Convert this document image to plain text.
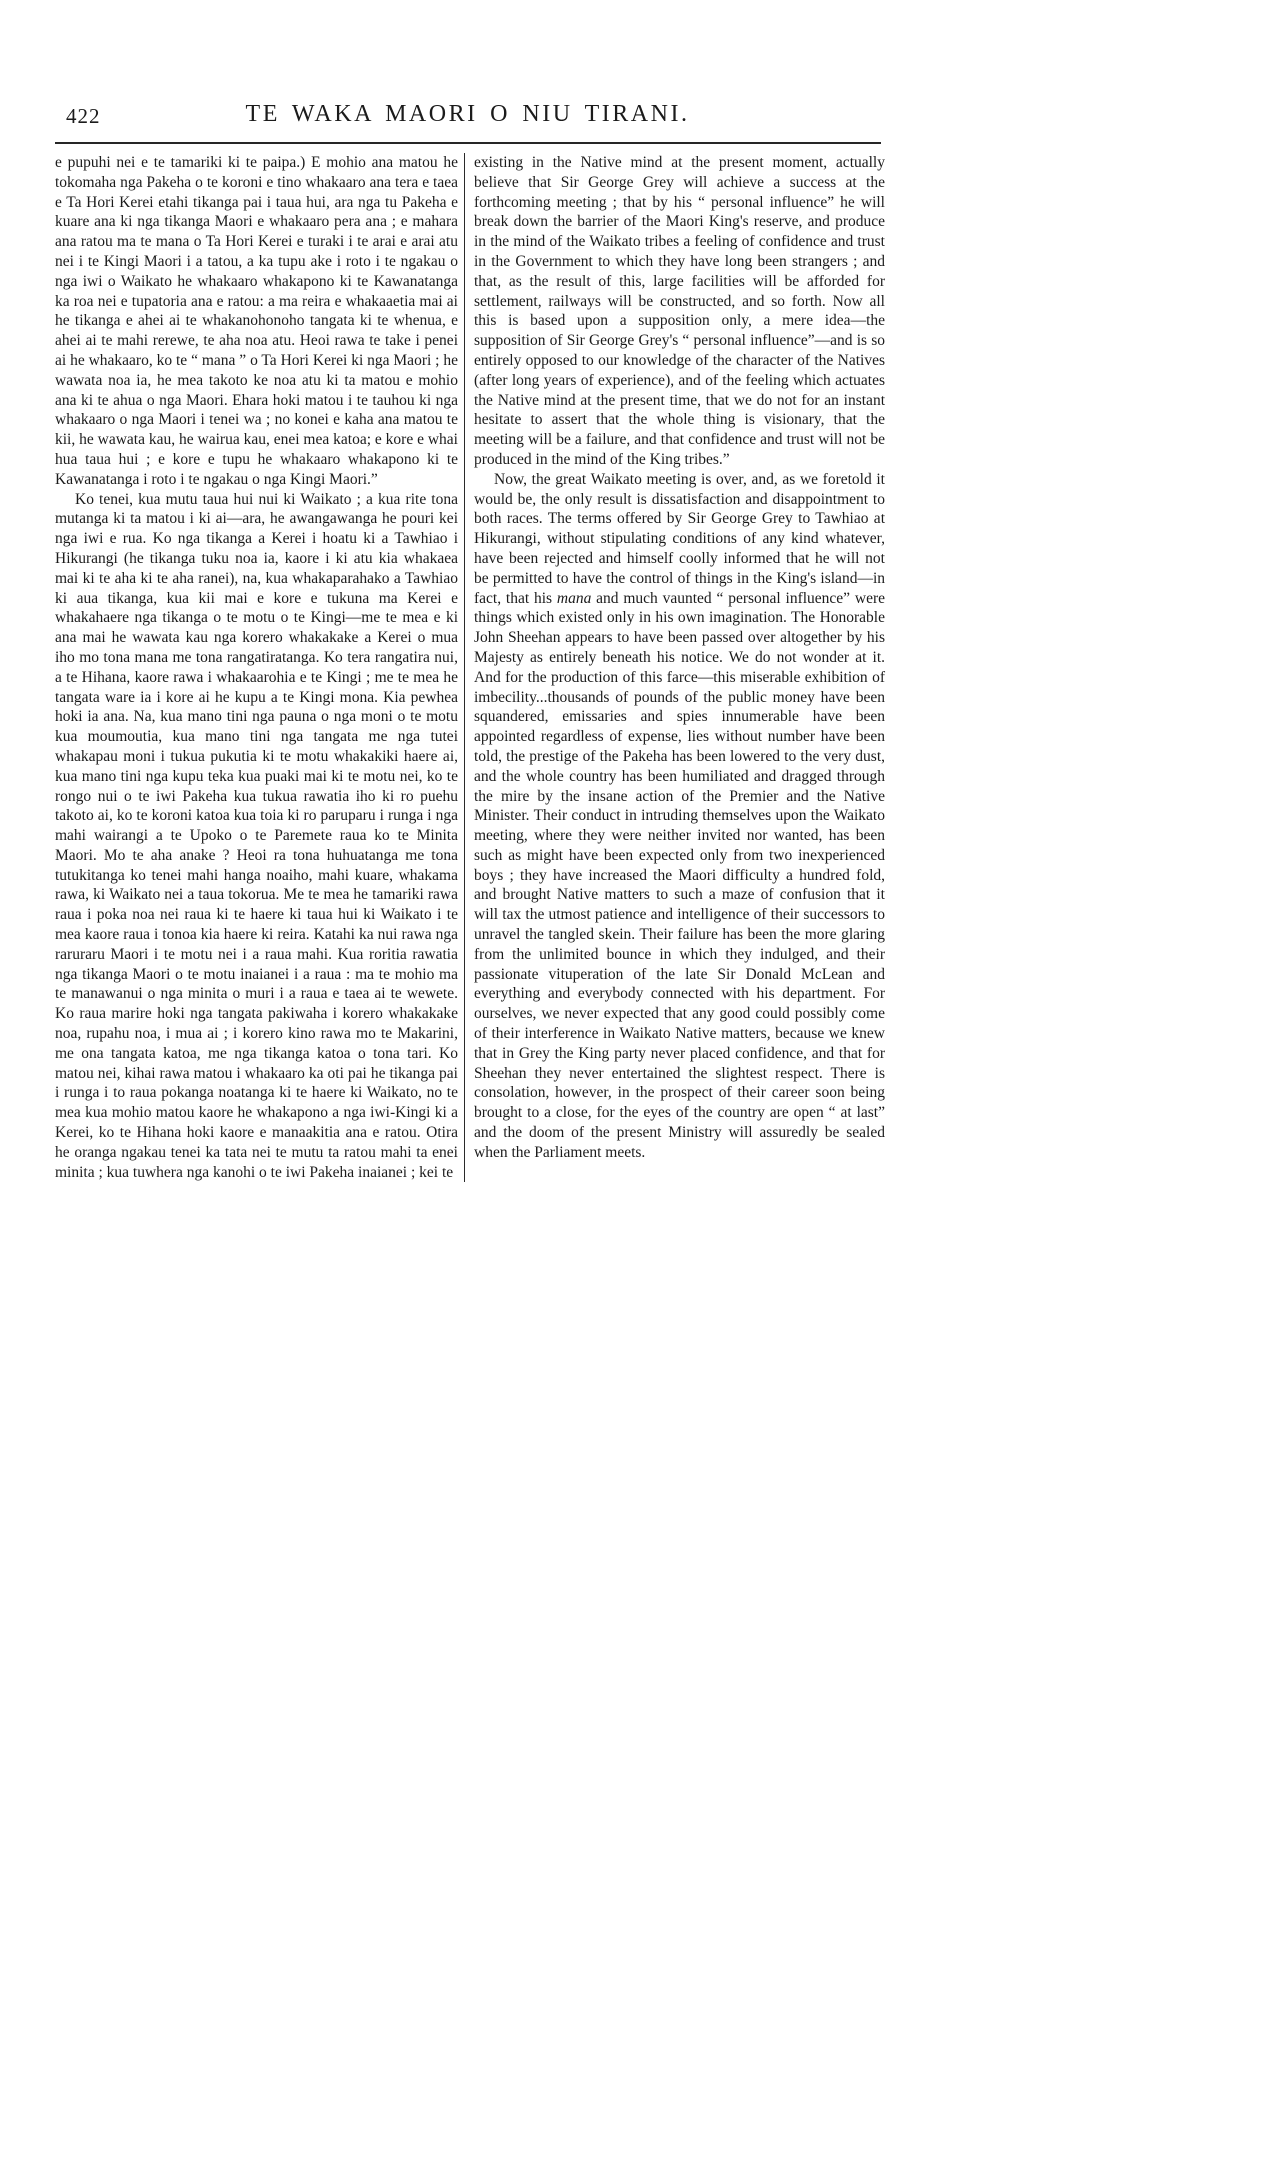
422	TE WAKA MAORI O NIU TIRANI.

e pupuhi nei e te tamariki ki te paipa.) E mohio ana matou he tokomaha nga Pakeha o te koroni e tino whakaaro ana tera e taea e Ta Hori Kerei etahi tikanga pai i taua hui, ara nga tu Pakeha e kuare ana ki nga tikanga Maori e whakaaro pera ana ; e mahara ana ratou ma te mana o Ta Hori Kerei e turaki i te arai e arai atu nei i te Kingi Maori i a tatou, a ka tupu ake i roto i te ngakau o nga iwi o Waikato he whakaaro whakapono ki te Kawanatanga ka roa nei e tupatoria ana e ratou: a ma reira e whakaaetia mai ai he tikanga e ahei ai te whakanohonoho tangata ki te whenua, e ahei ai te mahi rerewe, te aha noa atu. Heoi rawa te take i penei ai he whakaaro, ko te “ mana ” o Ta Hori Kerei ki nga Maori ; he wawata noa ia, he mea takoto ke noa atu ki ta matou e mohio ana ki te ahua o nga Maori. Ehara hoki matou i te tauhou ki nga whakaaro o nga Maori i tenei wa ; no konei e kaha ana matou te kii, he wawata kau, he wairua kau, enei mea katoa; e kore e whai hua taua hui ; e kore e tupu he whakaaro whakapono ki te Kawanatanga i roto i te ngakau o nga Kingi Maori.”

Ko tenei, kua mutu taua hui nui ki Waikato ; a kua rite tona mutanga ki ta matou i ki ai—ara, he awangawanga he pouri kei nga iwi e rua. Ko nga tikanga a Kerei i hoatu ki a Tawhiao i Hikurangi (he tikanga tuku noa ia, kaore i ki atu kia whakaea mai ki te aha ki te aha ranei), na, kua whakaparahako a Tawhiao ki aua tikanga, kua kii mai e kore e tukuna ma Kerei e whakahaere nga tikanga o te motu o te Kingi—me te mea e ki ana mai he wawata kau nga korero whakakake a Kerei o mua iho mo tona mana me tona rangatiratanga. Ko tera rangatira nui, a te Hihana, kaore rawa i whakaarohia e te Kingi ; me te mea he tangata ware ia i kore ai he kupu a te Kingi mona. Kia pewhea hoki ia ana. Na, kua mano tini nga pauna o nga moni o te motu kua moumoutia, kua mano tini nga tangata me nga tutei whakapau moni i tukua pukutia ki te motu whakakiki haere ai, kua mano tini nga kupu teka kua puaki mai ki te motu nei, ko te rongo nui o te iwi Pakeha kua tukua rawatia iho ki ro puehu takoto ai, ko te koroni katoa kua toia ki ro paruparu i runga i nga mahi wairangi a te Upoko o te Paremete raua ko te Minita Maori. Mo te aha anake ? Heoi ra tona huhuatanga me tona tutukitanga ko tenei mahi hanga noaiho, mahi kuare, whakama rawa, ki Waikato nei a taua tokorua. Me te mea he tamariki rawa raua i poka noa nei raua ki te haere ki taua hui ki Waikato i te mea kaore raua i tonoa kia haere ki reira. Katahi ka nui rawa nga raruraru Maori i te motu nei i a raua mahi. Kua roritia rawatia nga tikanga Maori o te motu inaianei i a raua : ma te mohio ma te manawanui o nga minita o muri i a raua e taea ai te wewete. Ko raua marire hoki nga tangata pakiwaha i korero whakakake noa, rupahu noa, i mua ai ; i korero kino rawa mo te Makarini, me ona tangata katoa, me nga tikanga katoa o tona tari. Ko matou nei, kihai rawa matou i whakaaro ka oti pai he tikanga pai i runga i to raua pokanga noatanga ki te haere ki Waikato, no te mea kua mohio matou kaore he whakapono a nga iwi-Kingi ki a Kerei, ko te Hihana hoki kaore e manaakitia ana e ratou. Otira he oranga ngakau tenei ka tata nei te mutu ta ratou mahi ta enei minita ; kua tuwhera nga kanohi o te iwi Pakeha inaianei ; kei te

existing in the Native mind at the present moment, actually believe that Sir George Grey will achieve a success at the forthcoming meeting ; that by his “ personal influence” he will break down the barrier of the Maori King's reserve, and produce in the mind of the Waikato tribes a feeling of confidence and trust in the Government to which they have long been strangers ; and that, as the result of this, large facilities will be afforded for settlement, railways will be constructed, and so forth. Now all this is based upon a supposition only, a mere idea—the supposition of Sir George Grey's “ personal influence”—and is so entirely opposed to our knowledge of the character of the Natives (after long years of experience), and of the feeling which actuates the Native mind at the present time, that we do not for an instant hesitate to assert that the whole thing is visionary, that the meeting will be a failure, and that confidence and trust will not be produced in the mind of the King tribes.”

Now, the great Waikato meeting is over, and, as we foretold it would be, the only result is dissatisfaction and disappointment to both races. The terms offered by Sir George Grey to Tawhiao at Hikurangi, without stipulating conditions of any kind whatever, have been rejected and himself coolly informed that he will not be permitted to have the control of things in the King's island—in fact, that his mana and much vaunted “ personal influence” were things which existed only in his own imagination. The Honorable John Sheehan appears to have been passed over altogether by his Majesty as entirely beneath his notice. We do not wonder at it. And for the production of this farce—this miserable exhibition of imbecility...thousands of pounds of the public money have been squandered, emissaries and spies innumerable have been appointed regardless of expense, lies without number have been told, the prestige of the Pakeha has been lowered to the very dust, and the whole country has been humiliated and dragged through the mire by the insane action of the Premier and the Native Minister. Their conduct in intruding themselves upon the Waikato meeting, where they were neither invited nor wanted, has been such as might have been expected only from two inexperienced boys ; they have increased the Maori difficulty a hundred fold, and brought Native matters to such a maze of confusion that it will tax the utmost patience and intelligence of their successors to unravel the tangled skein. Their failure has been the more glaring from the unlimited bounce in which they indulged, and their passionate vituperation of the late Sir Donald McLean and everything and everybody connected with his department. For ourselves, we never expected that any good could possibly come of their interference in Waikato Native matters, because we knew that in Grey the King party never placed confidence, and that for Sheehan they never entertained the slightest respect. There is consolation, however, in the prospect of their career soon being brought to a close, for the eyes of the country are open “ at last” and the doom of the present Ministry will assuredly be sealed when the Parliament meets.
